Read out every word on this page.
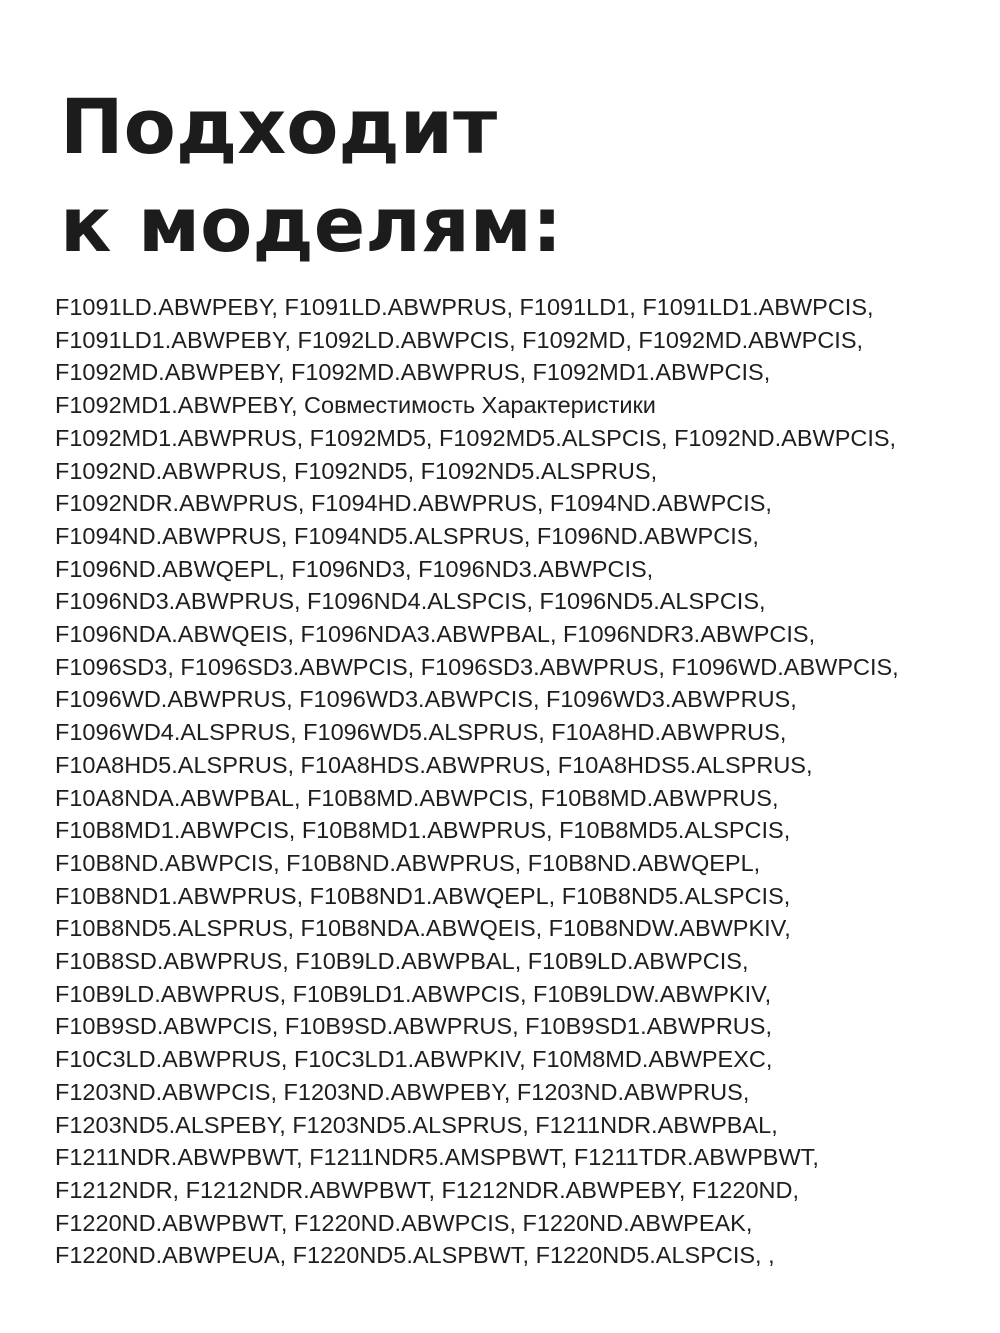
Подходит
к моделям:
F1091LD.ABWPEBY, F1091LD.ABWPRUS, F1091LD1, F1091LD1.ABWPCIS,
F1091LD1.ABWPEBY, F1092LD.ABWPCIS, F1092MD, F1092MD.ABWPCIS,
F1092MD.ABWPEBY, F1092MD.ABWPRUS, F1092MD1.ABWPCIS,
F1092MD1.ABWPEBY, Совместимость Характеристики
F1092MD1.ABWPRUS, F1092MD5, F1092MD5.ALSPCIS, F1092ND.ABWPCIS,
F1092ND.ABWPRUS, F1092ND5, F1092ND5.ALSPRUS,
F1092NDR.ABWPRUS, F1094HD.ABWPRUS, F1094ND.ABWPCIS,
F1094ND.ABWPRUS, F1094ND5.ALSPRUS, F1096ND.ABWPCIS,
F1096ND.ABWQEPL, F1096ND3, F1096ND3.ABWPCIS,
F1096ND3.ABWPRUS, F1096ND4.ALSPCIS, F1096ND5.ALSPCIS,
F1096NDA.ABWQEIS, F1096NDA3.ABWPBAL, F1096NDR3.ABWPCIS,
F1096SD3, F1096SD3.ABWPCIS, F1096SD3.ABWPRUS, F1096WD.ABWPCIS,
F1096WD.ABWPRUS, F1096WD3.ABWPCIS, F1096WD3.ABWPRUS,
F1096WD4.ALSPRUS, F1096WD5.ALSPRUS, F10A8HD.ABWPRUS,
F10A8HD5.ALSPRUS, F10A8HDS.ABWPRUS, F10A8HDS5.ALSPRUS,
F10A8NDA.ABWPBAL, F10B8MD.ABWPCIS, F10B8MD.ABWPRUS,
F10B8MD1.ABWPCIS, F10B8MD1.ABWPRUS, F10B8MD5.ALSPCIS,
F10B8ND.ABWPCIS, F10B8ND.ABWPRUS, F10B8ND.ABWQEPL,
F10B8ND1.ABWPRUS, F10B8ND1.ABWQEPL, F10B8ND5.ALSPCIS,
F10B8ND5.ALSPRUS, F10B8NDA.ABWQEIS, F10B8NDW.ABWPKIV,
F10B8SD.ABWPRUS, F10B9LD.ABWPBAL, F10B9LD.ABWPCIS,
F10B9LD.ABWPRUS, F10B9LD1.ABWPCIS, F10B9LDW.ABWPKIV,
F10B9SD.ABWPCIS, F10B9SD.ABWPRUS, F10B9SD1.ABWPRUS,
F10C3LD.ABWPRUS, F10C3LD1.ABWPKIV, F10M8MD.ABWPEXC,
F1203ND.ABWPCIS, F1203ND.ABWPEBY, F1203ND.ABWPRUS,
F1203ND5.ALSPEBY, F1203ND5.ALSPRUS, F1211NDR.ABWPBAL,
F1211NDR.ABWPBWT, F1211NDR5.AMSPBWT, F1211TDR.ABWPBWT,
F1212NDR, F1212NDR.ABWPBWT, F1212NDR.ABWPEBY, F1220ND,
F1220ND.ABWPBWT, F1220ND.ABWPCIS, F1220ND.ABWPEAK,
F1220ND.ABWPEUA, F1220ND5.ALSPBWT, F1220ND5.ALSPCIS, ,
